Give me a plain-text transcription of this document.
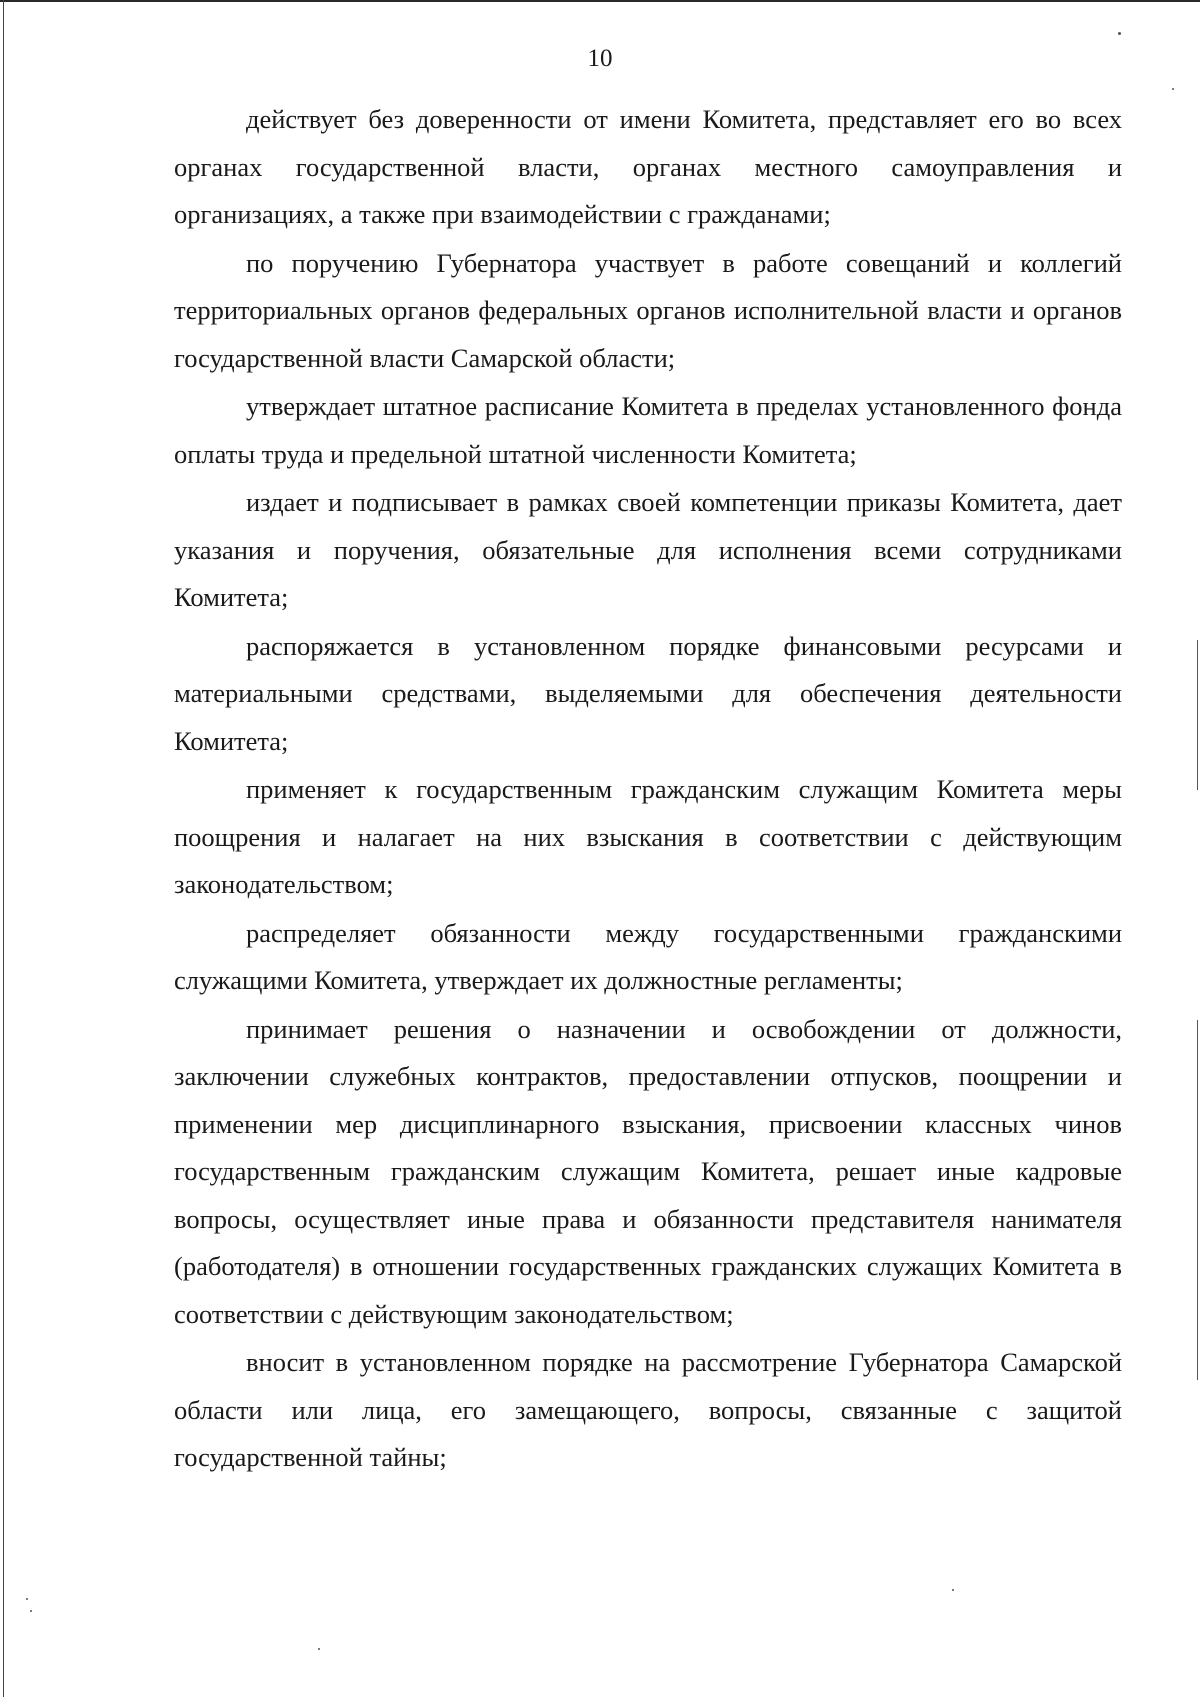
10

действует без доверенности от имени Комитета, представляет его во всех органах государственной власти, органах местного самоуправления и организациях, а также при взаимодействии с гражданами;

по поручению Губернатора участвует в работе совещаний и коллегий территориальных органов федеральных органов исполнительной власти и органов государственной власти Самарской области;

утверждает штатное расписание Комитета в пределах установленного фонда оплаты труда и предельной штатной численности Комитета;

издает и подписывает в рамках своей компетенции приказы Комитета, дает указания и поручения, обязательные для исполнения всеми сотрудниками Комитета;

распоряжается в установленном порядке финансовыми ресурсами и материальными средствами, выделяемыми для обеспечения деятельности Комитета;

применяет к государственным гражданским служащим Комитета меры поощрения и налагает на них взыскания в соответствии с действующим законодательством;

распределяет обязанности между государственными гражданскими служащими Комитета, утверждает их должностные регламенты;

принимает решения о назначении и освобождении от должности, заключении служебных контрактов, предоставлении отпусков, поощрении и применении мер дисциплинарного взыскания, присвоении классных чинов государственным гражданским служащим Комитета, решает иные кадровые вопросы, осуществляет иные права и обязанности представителя нанимателя (работодателя) в отношении государственных гражданских служащих Комитета в соответствии с действующим законодательством;

вносит в установленном порядке на рассмотрение Губернатора Самарской области или лица, его замещающего, вопросы, связанные с защитой государственной тайны;
